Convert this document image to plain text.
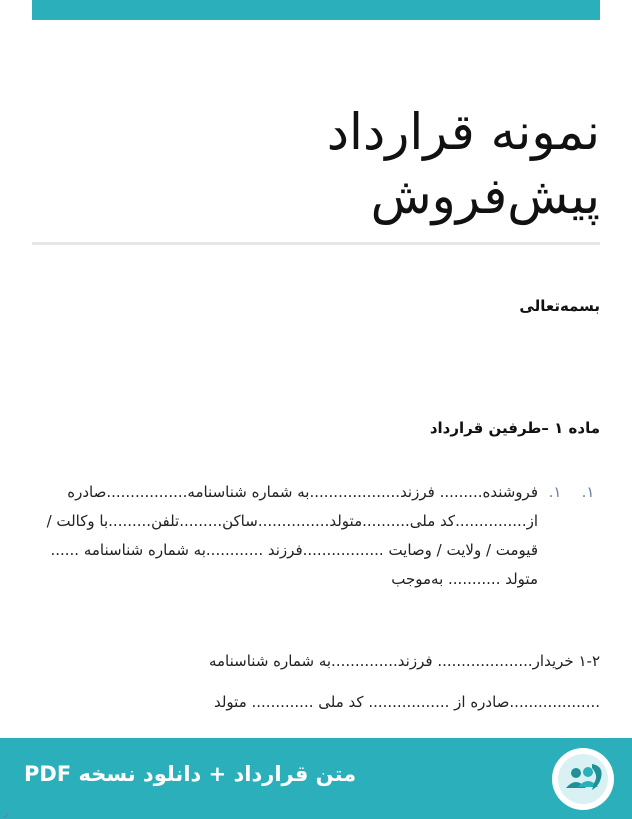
نمونه قرارداد
پیش‌فروش
بسمه‌تعالی
ماده ۱ –طرفین قرارداد
۱.
۱.
فروشنده......... فرزند...................به شماره شناسنامه.................صادره از...............کد ملی..........متولد...............ساکن.........تلفن.........با وکالت / قیومت / ولایت / وصایت .................فرزند ............به شماره شناسنامه ...... متولد ........... به‌موجب
۱-۲ خریدار.................... فرزند..............به شماره شناسنامه
...................صادره از ................. کد ملی ............. متولد
متن قرارداد + دانلود نسخه PDF
ر
